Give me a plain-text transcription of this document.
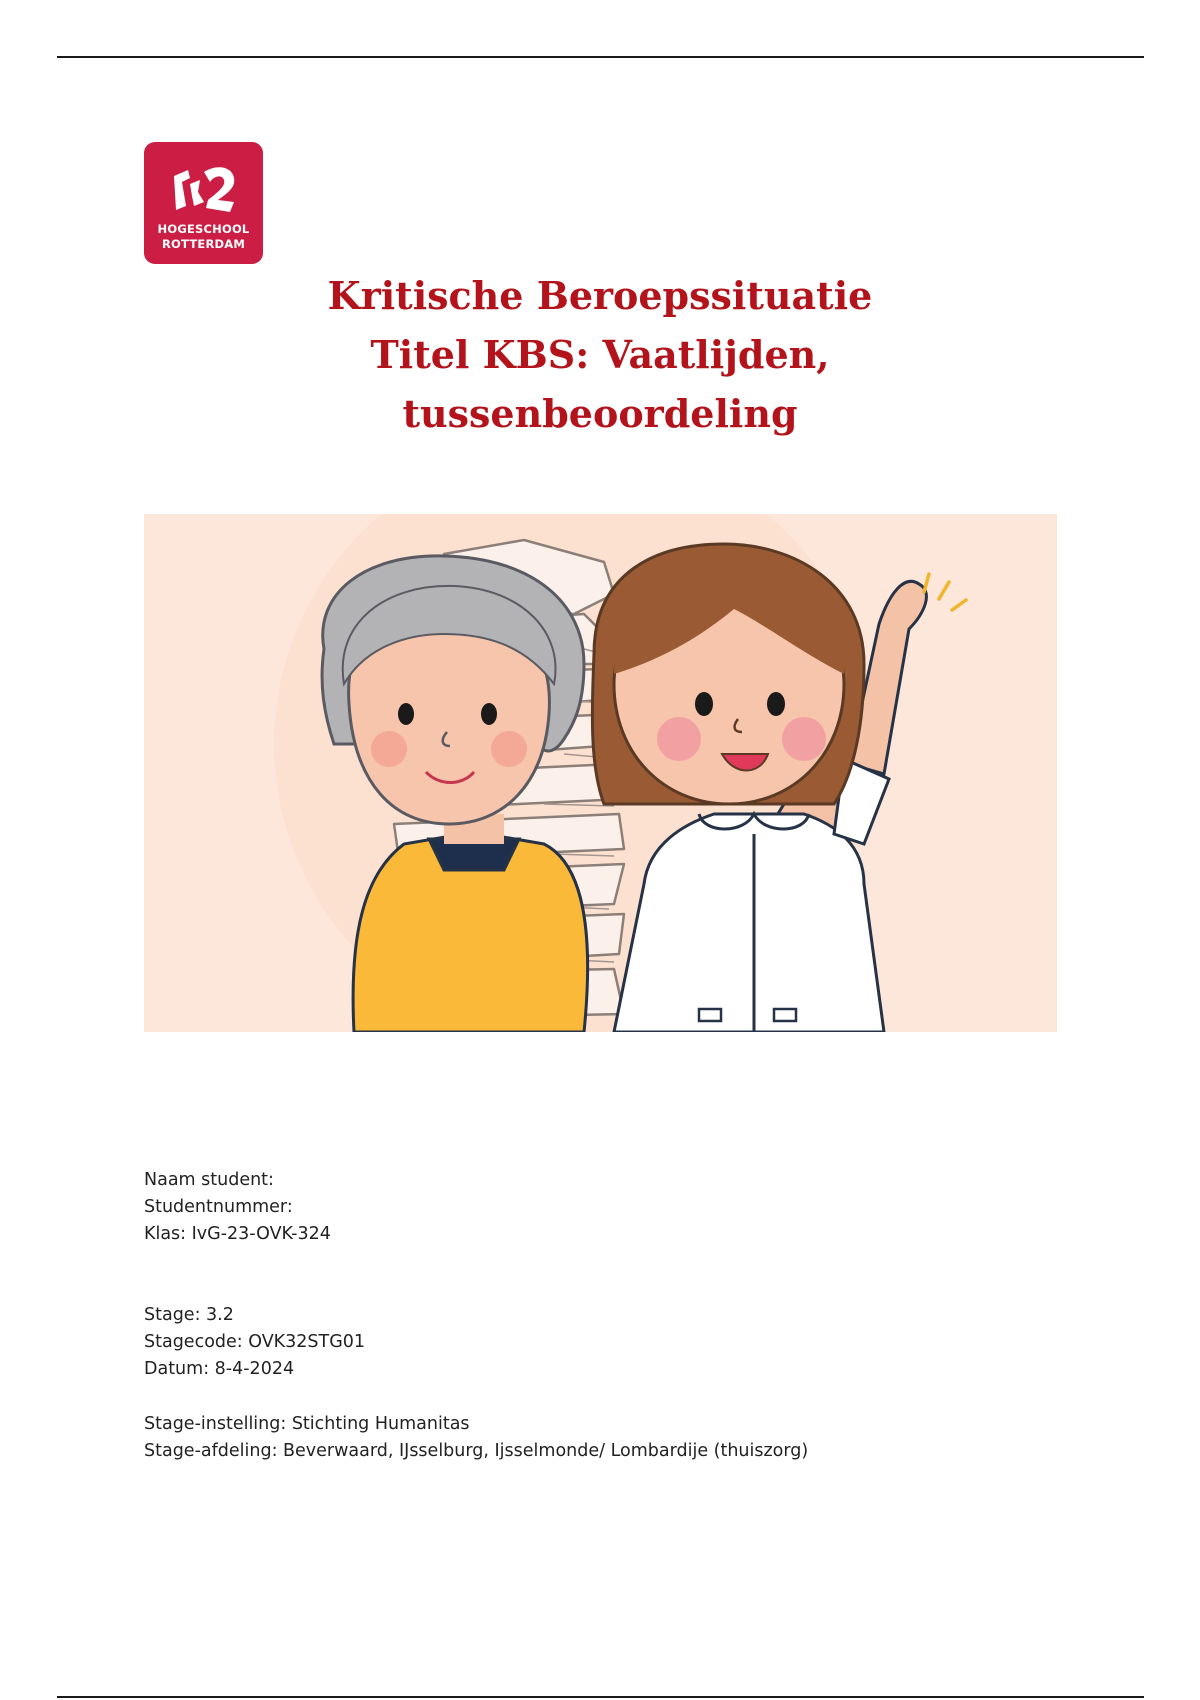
HOGESCHOOL
ROTTERDAM
Kritische Beroepssituatie
Titel KBS: Vaatlijden,
tussenbeoordeling
Naam student:
Studentnummer:
Klas: IvG-23-OVK-324
Stage: 3.2
Stagecode: OVK32STG01
Datum: 8-4-2024
Stage-instelling: Stichting Humanitas
Stage-afdeling: Beverwaard, IJsselburg, Ijsselmonde/ Lombardije (thuiszorg)
